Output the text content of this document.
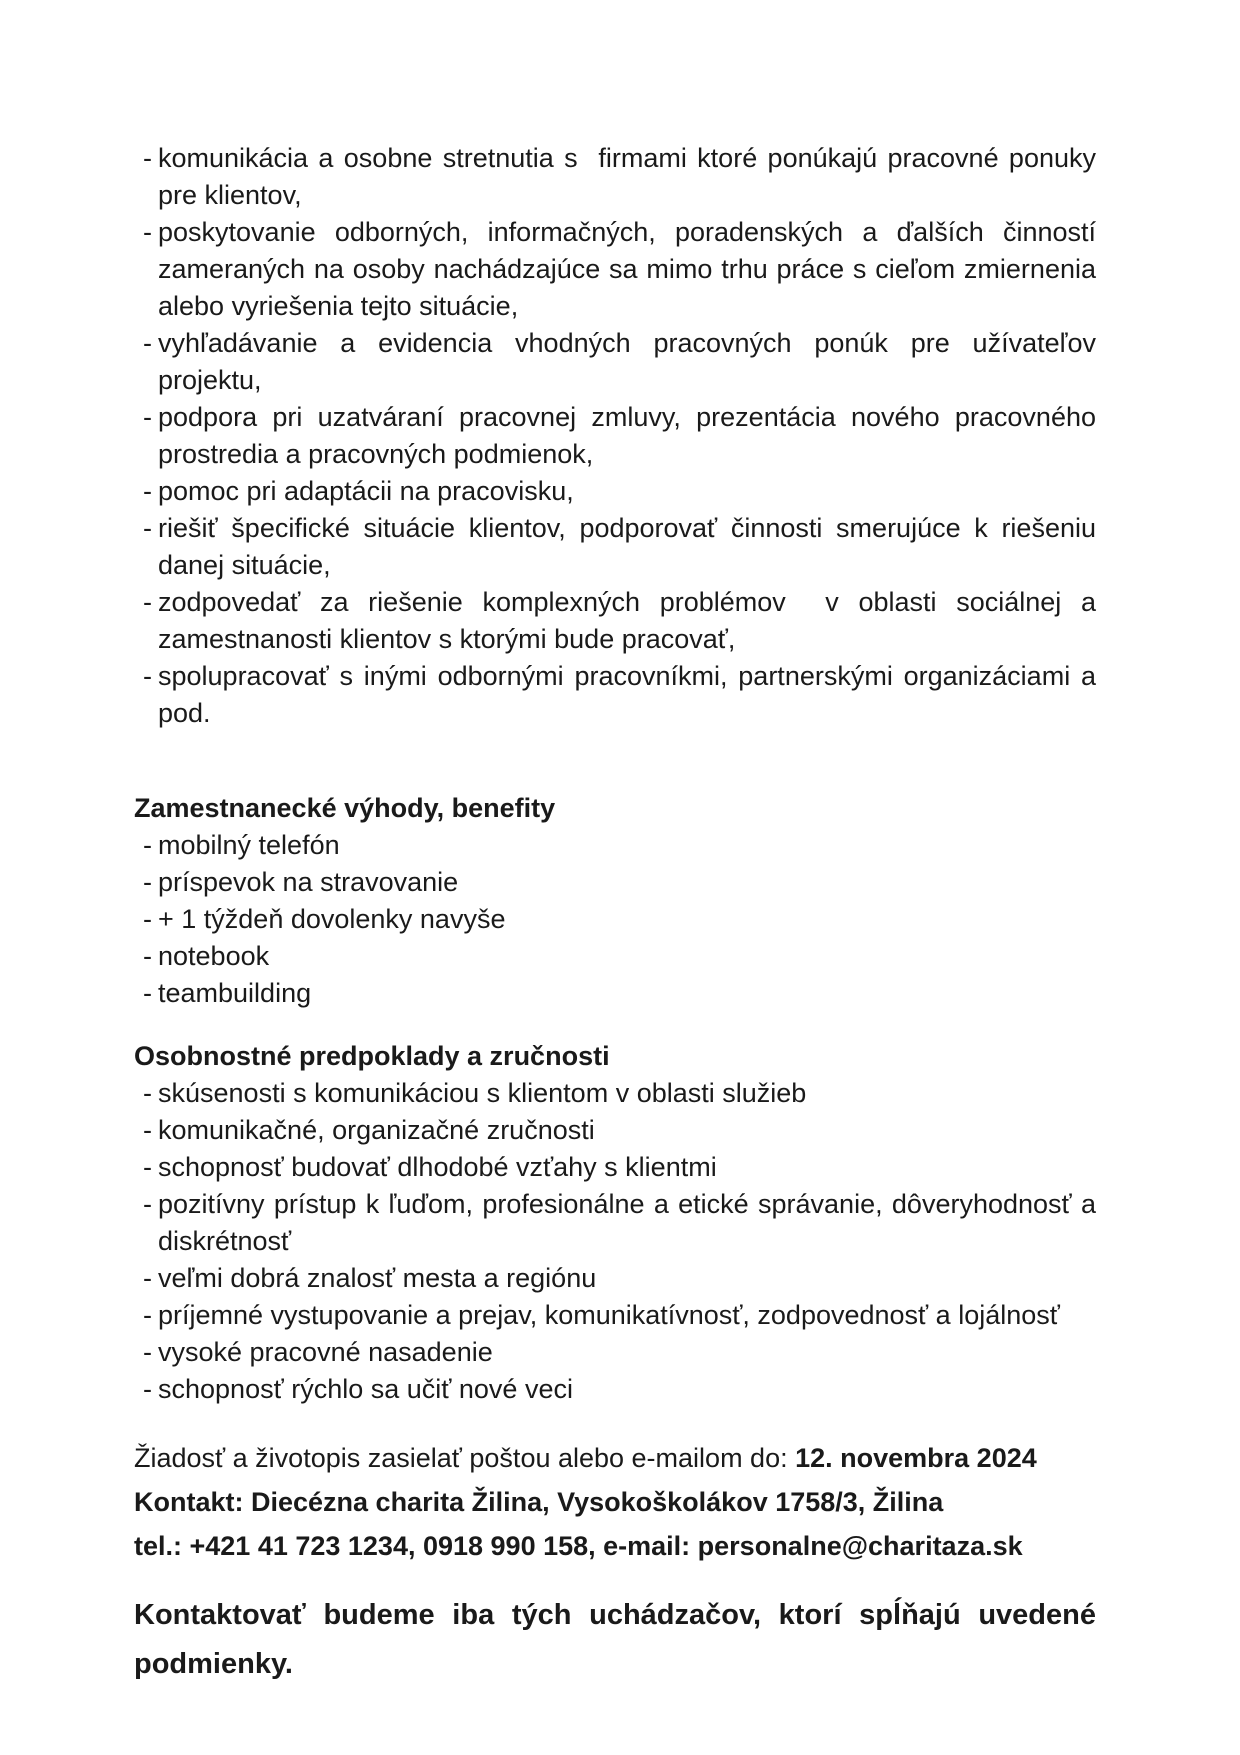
- komunikácia a osobne stretnutia s  firmami ktoré ponúkajú pracovné ponuky pre klientov,
- poskytovanie odborných, informačných, poradenských a ďalších činností zameraných na osoby nachádzajúce sa mimo trhu práce s cieľom zmiernenia alebo vyriešenia tejto situácie,
- vyhľadávanie a evidencia vhodných pracovných ponúk pre užívateľov projektu,
- podpora pri uzatváraní pracovnej zmluvy, prezentácia nového pracovného prostredia a pracovných podmienok,
- pomoc pri adaptácii na pracovisku,
- riešiť špecifické situácie klientov, podporovať činnosti smerujúce k riešeniu danej situácie,
- zodpovedať za riešenie komplexných problémov  v oblasti sociálnej a zamestnanosti klientov s ktorými bude pracovať,
- spolupracovať s inými odbornými pracovníkmi, partnerskými organizáciami a pod.
Zamestnanecké výhody, benefity
- mobilný telefón
- príspevok na stravovanie
- + 1 týždeň dovolenky navyše
- notebook
- teambuilding
Osobnostné predpoklady a zručnosti
- skúsenosti s komunikáciou s klientom v oblasti služieb
- komunikačné, organizačné zručnosti
- schopnosť budovať dlhodobé vzťahy s klientmi
- pozitívny prístup k ľuďom, profesionálne a etické správanie, dôveryhodnosť a diskrétnosť
- veľmi dobrá znalosť mesta a regiónu
- príjemné vystupovanie a prejav, komunikatívnosť, zodpovednosť a lojálnosť
- vysoké pracovné nasadenie
- schopnosť rýchlo sa učiť nové veci

Žiadosť a životopis zasielať poštou alebo e-mailom do: 12. novembra 2024

Kontakt: Diecézna charita Žilina, Vysokoškolákov 1758/3, Žilina

tel.: +421 41 723 1234, 0918 990 158, e-mail: personalne@charitaza.sk

Kontaktovať budeme iba tých uchádzačov, ktorí spĺňajú uvedené podmienky.
